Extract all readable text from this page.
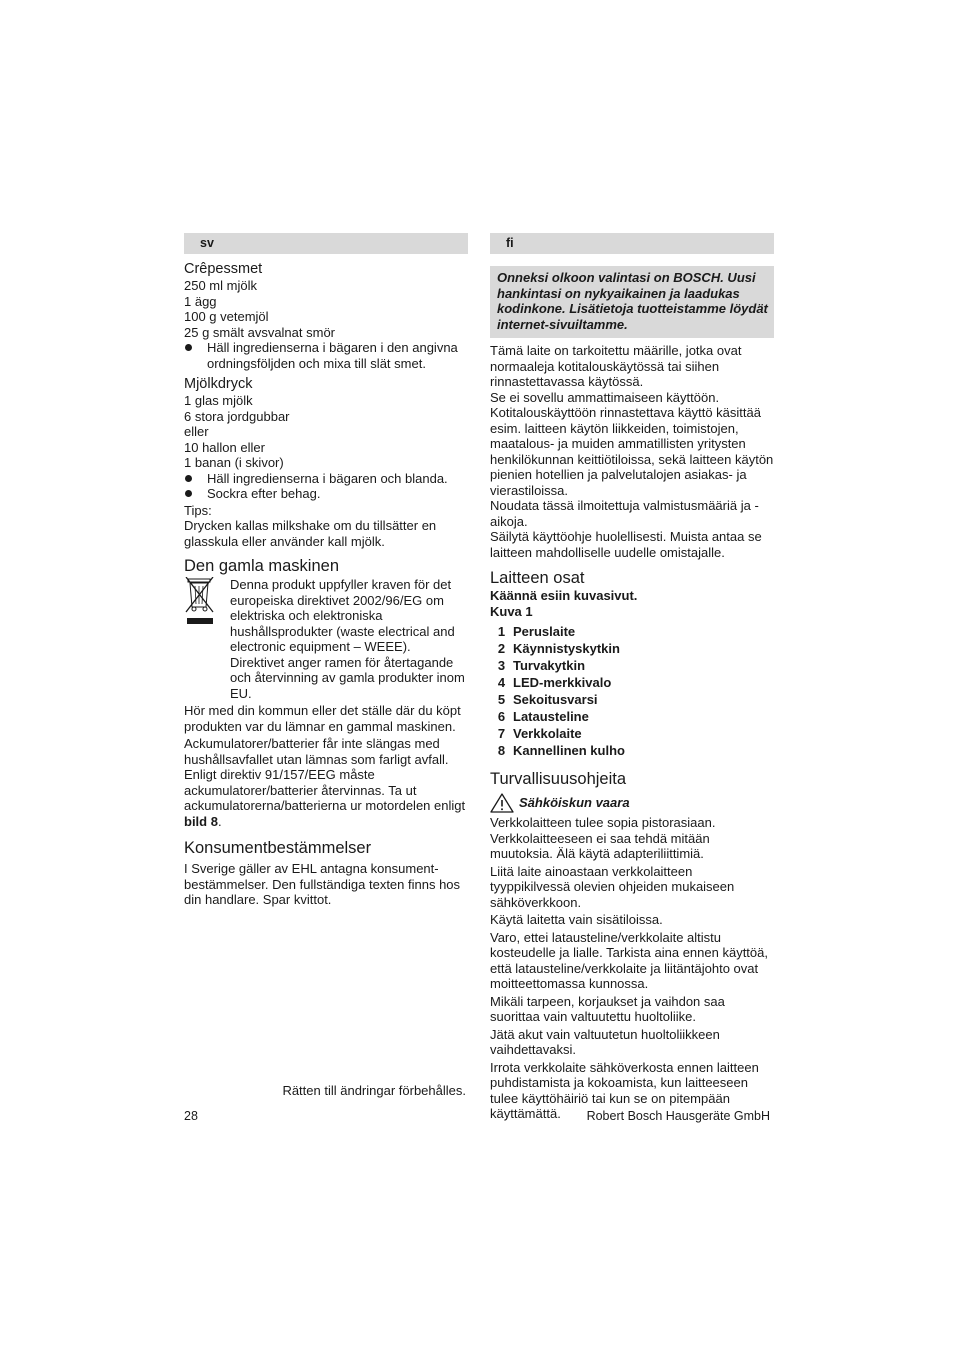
sv
Crêpessmet

250 ml mjölk

1 ägg

100 g vetemjöl

25 g smält avsvalnat smör

Häll ingredienserna i bägaren i den angivna ordningsföljden och mixa till slät smet.

Mjölkdryck

1 glas mjölk

6 stora jordgubbar

eller

10 hallon eller

1 banan (i skivor)

Häll ingredienserna i bägaren och blanda.

Sockra efter behag.

Tips:

Drycken kallas milkshake om du tillsätter en glasskula eller använder kall mjölk.

Den gamla maskinen

Denna produkt uppfyller kraven för det europeiska direktivet 2002/96/EG om elektriska och elektroniska hushållsprodukter (waste electrical and electronic equipment – WEEE). Direktivet anger ramen för återtagande och återvinning av gamla produkter inom EU.

Hör med din kommun eller det ställe där du köpt produkten var du lämnar en gammal maskinen.

Ackumulatorer/batterier får inte slängas med hushållsavfallet utan lämnas som farligt avfall. Enligt direktiv 91/157/EEG måste ackumulatorer/batterier återvinnas. Ta ut ackumulatorerna/batterierna ur motordelen enligt bild 8.

Konsumentbestämmelser

I Sverige gäller av EHL antagna konsument-bestämmelser. Den fullständiga texten finns hos din handlare. Spar kvittot.

Rätten till ändringar förbehålles.
fi
Onneksi olkoon valintasi on BOSCH. Uusi hankintasi on nykyaikainen ja laadukas kodinkone. Lisätietoja tuotteistamme löydät internet-sivuiltamme.

Tämä laite on tarkoitettu määrille, jotka ovat normaaleja kotitalouskäytössä tai siihen rinnastettavassa käytössä.

Se ei sovellu ammattimaiseen käyttöön. Kotitalouskäyttöön rinnastettava käyttö käsittää esim. laitteen käytön liikkeiden, toimistojen, maatalous- ja muiden ammatillisten yritysten henkilökunnan keittiötiloissa, sekä laitteen käytön pienien hotellien ja palvelutalojen asiakas- ja vierastiloissa.

Noudata tässä ilmoitettuja valmistusmääriä ja -aikoja.

Säilytä käyttöohje huolellisesti. Muista antaa se laitteen mahdolliselle uudelle omistajalle.

Laitteen osat

Käännä esiin kuvasivut.

Kuva 1

1 Peruslaite
2 Käynnistyskytkin
3 Turvakytkin
4 LED-merkkivalo
5 Sekoitusvarsi
6 Latausteline
7 Verkkolaite
8 Kannellinen kulho
Turvallisuusohjeita
Sähköiskun vaara

Verkkolaitteen tulee sopia pistorasiaan. Verkkolaitteeseen ei saa tehdä mitään muutoksia. Älä käytä adapteriliittimiä.

Liitä laite ainoastaan verkkolaitteen tyyppikilvessä olevien ohjeiden mukaiseen sähköverkkoon.

Käytä laitetta vain sisätiloissa.

Varo, ettei latausteline/verkkolaite altistu kosteudelle ja lialle. Tarkista aina ennen käyttöä, että latausteline/verkkolaite ja liitäntäjohto ovat moitteettomassa kunnossa.

Mikäli tarpeen, korjaukset ja vaihdon saa suorittaa vain valtuutettu huoltoliike.

Jätä akut vain valtuutetun huoltoliikkeen vaihdettavaksi.

Irrota verkkolaite sähköverkosta ennen laitteen puhdistamista ja kokoamista, kun laitteeseen tulee käyttöhäiriö tai kun se on pitempään käyttämättä.

28	Robert Bosch Hausgeräte GmbH
